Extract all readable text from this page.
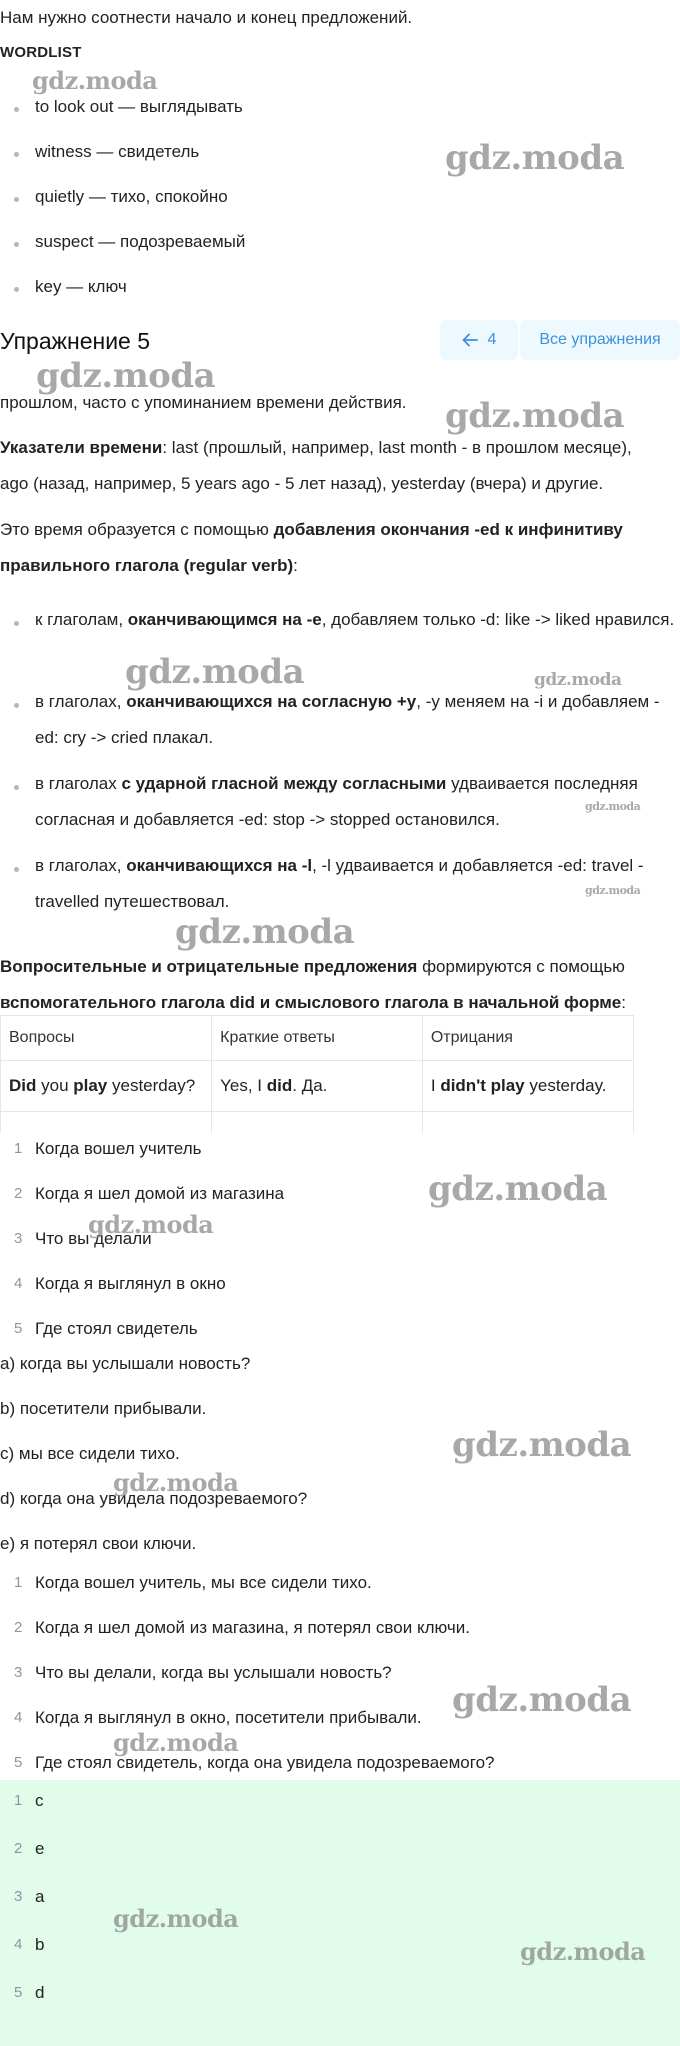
Нам нужно соотнести начало и конец предложений.
WORDLIST
to look out — выглядывать
witness — свидетель
quietly — тихо, спокойно
suspect — подозреваемый
key — ключ
Упражнение 5	4	Все упражнения
прошлом, часто с упоминанием времени действия.
Указатели времени: last (прошлый, например, last month - в прошлом месяце),
ago (назад, например, 5 years ago - 5 лет назад), yesterday (вчера) и другие.
Это время образуется с помощью добавления окончания -ed к инфинитиву
правильного глагола (regular verb):
к глаголам, оканчивающимся на -e, добавляем только -d: like -> liked нравился.
в глаголах, оканчивающихся на согласную +y, -y меняем на -i и добавляем -ed: cry -> cried плакал.
в глаголах с ударной гласной между согласными удваивается последняя согласная и добавляется -ed: stop -> stopped остановился.
в глаголах, оканчивающихся на -l, -l удваивается и добавляется -ed: travel - travelled путешествовал.
Вопросительные и отрицательные предложения формируются с помощью
вспомогательного глагола did и смыслового глагола в начальной форме:
Вопросы	Краткие ответы	Отрицания
Did you play yesterday?	Yes, I did. Да.	I didn't play yesterday.

1 Когда вошел учитель
2 Когда я шел домой из магазина
3 Что вы делали
4 Когда я выглянул в окно
5 Где стоял свидетель
a) когда вы услышали новость?
b) посетители прибывали.
c) мы все сидели тихо.
d) когда она увидела подозреваемого?
e) я потерял свои ключи.
1 Когда вошел учитель, мы все сидели тихо.
2 Когда я шел домой из магазина, я потерял свои ключи.
3 Что вы делали, когда вы услышали новость?
4 Когда я выглянул в окно, посетители прибывали.
5 Где стоял свидетель, когда она увидела подозреваемого?
1 c
2 e
3 a
4 b
5 d
gdz.moda
gdz.moda
gdz.moda
gdz.moda
gdz.moda	gdz.moda
gdz.moda
gdz.moda
gdz.moda
gdz.moda
gdz.moda
gdz.moda
gdz.moda
gdz.moda
gdz.moda
gdz.moda
gdz.moda
